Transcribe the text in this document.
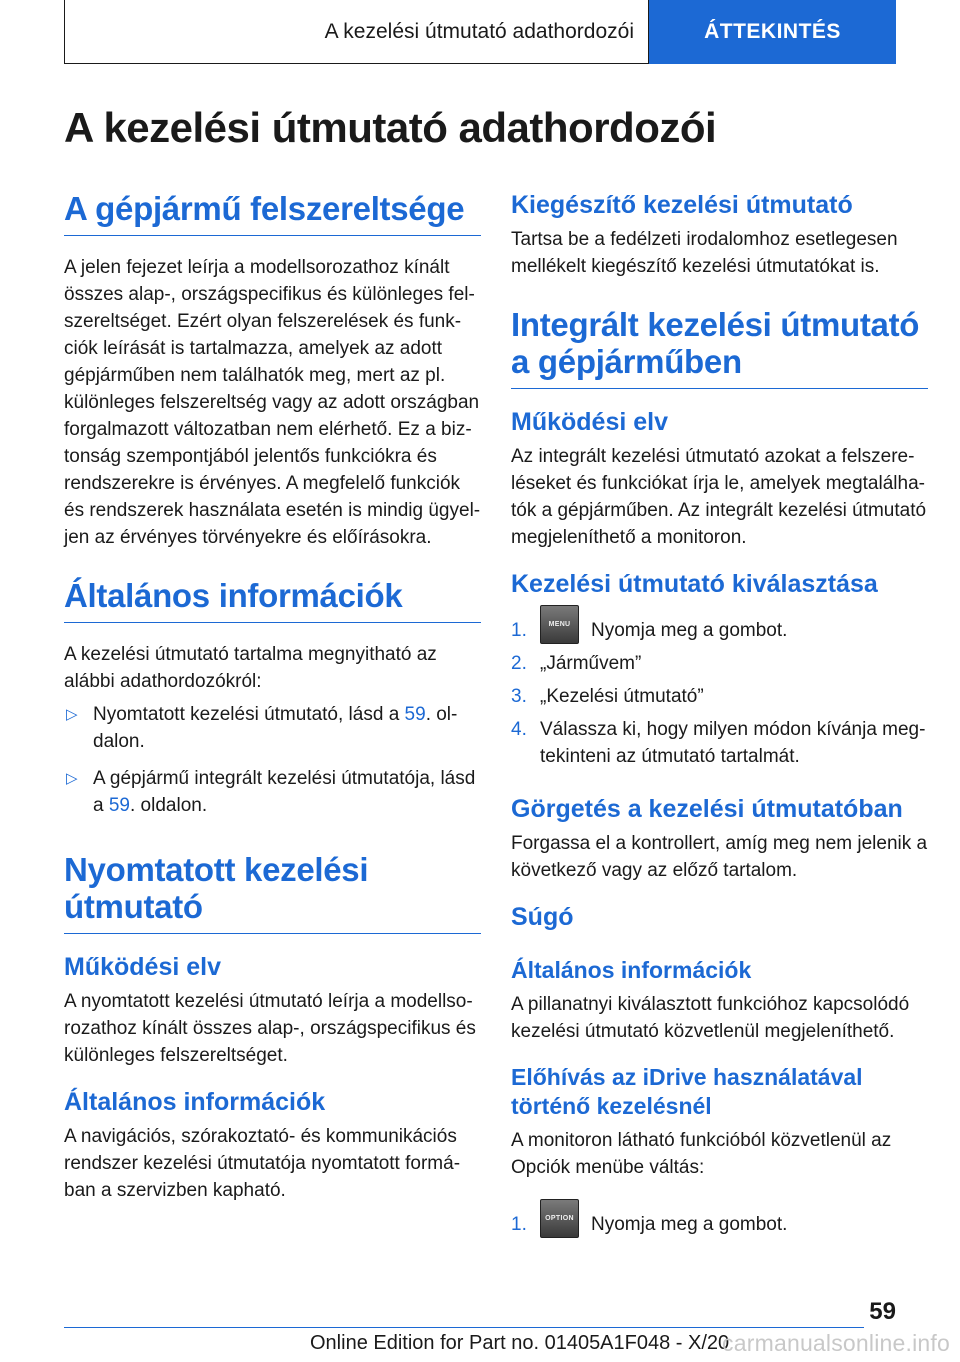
A kezelési útmutató adathordozói	ÁTTEKINTÉS
A kezelési útmutató adathordozói
A gépjármű felszereltsége

A jelen fejezet leírja a modellsorozathoz kínált összes alap-, országspecifikus és különleges felszereltséget. Ezért olyan felszerelések és funkciók leírását is tartalmazza, amelyek az adott gépjárműben nem találhatók meg, mert az pl. különleges felszereltség vagy az adott országban forgalmazott változatban nem elérhető. Ez a biztonság szempontjából jelentős funkciókra és rendszerekre is érvényes. A megfelelő funkciók és rendszerek használata esetén is mindig ügyeljen az érvényes törvényekre és előírásokra.

Általános információk

A kezelési útmutató tartalma megnyitható az alábbi adathordozókról:

▷ Nyomtatott kezelési útmutató, lásd a 59. oldalon.
▷ A gépjármű integrált kezelési útmutatója, lásd a 59. oldalon.
Nyomtatott kezelési
útmutató
Működési elv

A nyomtatott kezelési útmutató leírja a modellsorozathoz kínált összes alap-, országspecifikus és különleges felszereltséget.

Általános információk

A navigációs, szórakoztató- és kommunikációs rendszer kezelési útmutatója nyomtatott formában a szervizben kapható.

Kiegészítő kezelési útmutató

Tartsa be a fedélzeti irodalomhoz esetlegesen mellékelt kiegészítő kezelési útmutatókat is.

Integrált kezelési útmutató
a gépjárműben
Működési elv

Az integrált kezelési útmutató azokat a felszereléseket és funkciókat írja le, amelyek megtalálhatók a gépjárműben. Az integrált kezelési útmutató megjeleníthető a monitoron.

Kezelési útmutató kiválasztása
1.	MENU	Nyomja meg a gombot.
2. „Járművem”
3. „Kezelési útmutató”
4. Válassza ki, hogy milyen módon kívánja megtekinteni az útmutató tartalmát.
Görgetés a kezelési útmutatóban

Forgassa el a kontrollert, amíg meg nem jelenik a következő vagy az előző tartalom.

Súgó
Általános információk

A pillanatnyi kiválasztott funkcióhoz kapcsolódó kezelési útmutató közvetlenül megjeleníthető.

Előhívás az iDrive használatával
történő kezelésnél

A monitoron látható funkcióból közvetlenül az Opciók menübe váltás:

1.	OPTION Nyomja meg a gombot.
59
Online Edition for Part no. 01405A1F048 - X/20
carmanualsonline.info
